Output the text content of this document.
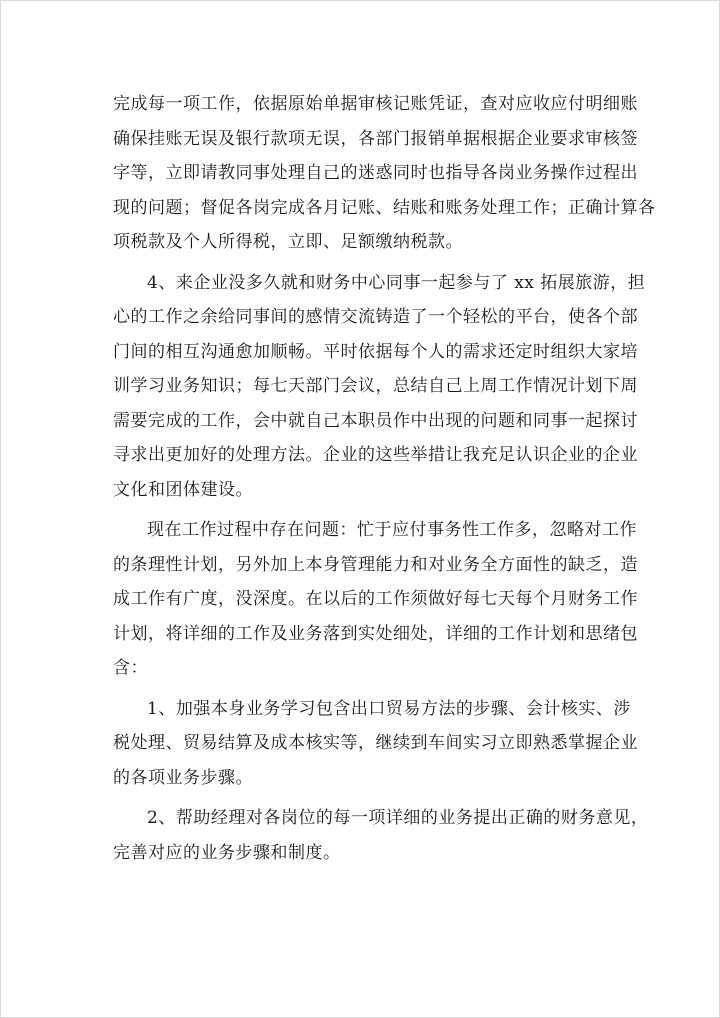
完成每一项工作，依据原始单据审核记账凭证，查对应收应付明细账
确保挂账无误及银行款项无误，各部门报销单据根据企业要求审核签
字等，立即请教同事处理自己的迷惑同时也指导各岗业务操作过程出
现的问题；督促各岗完成各月记账、结账和账务处理工作；正确计算各
项税款及个人所得税，立即、足额缴纳税款。
4、来企业没多久就和财务中心同事一起参与了 xx 拓展旅游，担
心的工作之余给同事间的感情交流铸造了一个轻松的平台，使各个部
门间的相互沟通愈加顺畅。平时依据每个人的需求还定时组织大家培
训学习业务知识；每七天部门会议，总结自己上周工作情况计划下周
需要完成的工作，会中就自己本职员作中出现的问题和同事一起探讨
寻求出更加好的处理方法。企业的这些举措让我充足认识企业的企业
文化和团体建设。
现在工作过程中存在问题：忙于应付事务性工作多，忽略对工作
的条理性计划，另外加上本身管理能力和对业务全方面性的缺乏，造
成工作有广度，没深度。在以后的工作须做好每七天每个月财务工作
计划，将详细的工作及业务落到实处细处，详细的工作计划和思绪包
含：
1、加强本身业务学习包含出口贸易方法的步骤、会计核实、涉
税处理、贸易结算及成本核实等，继续到车间实习立即熟悉掌握企业
的各项业务步骤。
2、帮助经理对各岗位的每一项详细的业务提出正确的财务意见，
完善对应的业务步骤和制度。
